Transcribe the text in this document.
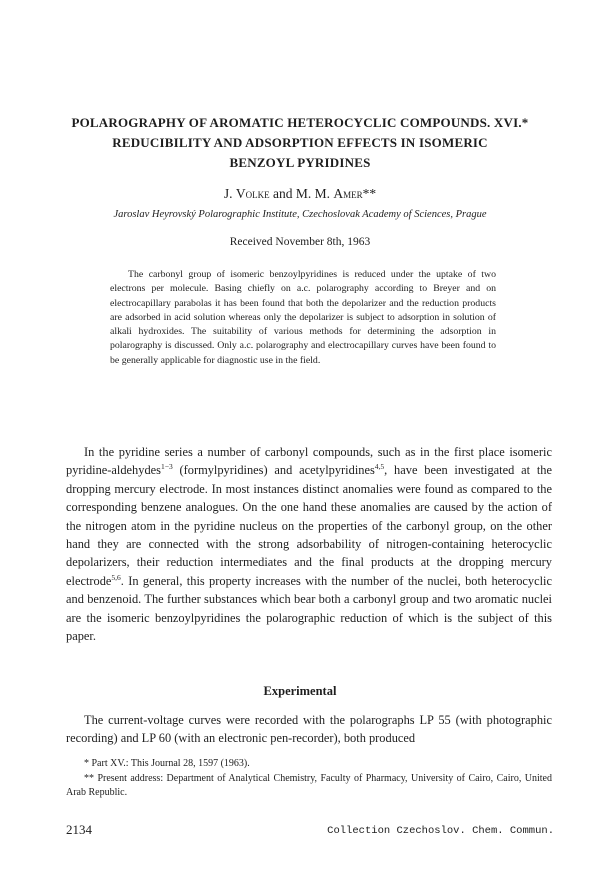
POLAROGRAPHY OF AROMATIC HETEROCYCLIC COMPOUNDS. XVI.*
REDUCIBILITY AND ADSORPTION EFFECTS IN ISOMERIC
BENZOYL PYRIDINES
J. Volke and M. M. Amer**
Jaroslav Heyrovský Polarographic Institute, Czechoslovak Academy of Sciences, Prague
Received November 8th, 1963

The carbonyl group of isomeric benzoylpyridines is reduced under the uptake of two electrons per molecule. Basing chiefly on a.c. polarography according to Breyer and on electrocapillary parabolas it has been found that both the depolarizer and the reduction products are adsorbed in acid solution whereas only the depolarizer is subject to adsorption in solution of alkali hydroxides. The suitability of various methods for determining the adsorption in polarography is discussed. Only a.c. polarography and electrocapillary curves have been found to be generally applicable for diagnostic use in the field.

In the pyridine series a number of carbonyl compounds, such as in the first place isomeric pyridine-aldehydes$^{1-3}$ (formylpyridines) and acetylpyridines$^{4,5}$, have been investigated at the dropping mercury electrode. In most instances distinct anomalies were found as compared to the corresponding benzene analogues. On the one hand these anomalies are caused by the action of the nitrogen atom in the pyridine nucleus on the properties of the carbonyl group, on the other hand they are connected with the strong adsorbability of nitrogen-containing heterocyclic depolarizers, their reduction intermediates and the final products at the dropping mercury electrode$^{5,6}$. In general, this property increases with the number of the nuclei, both heterocyclic and benzenoid. The further substances which bear both a carbonyl group and two aromatic nuclei are the isomeric benzoylpyridines the polarographic reduction of which is the subject of this paper.

Experimental

The current-voltage curves were recorded with the polarographs LP 55 (with photographic recording) and LP 60 (with an electronic pen-recorder), both produced

* Part XV.: This Journal 28, 1597 (1963).
** Present address: Department of Analytical Chemistry, Faculty of Pharmacy, University of Cairo, Cairo, United Arab Republic.
2134	Collection Czechoslov. Chem. Commun.
